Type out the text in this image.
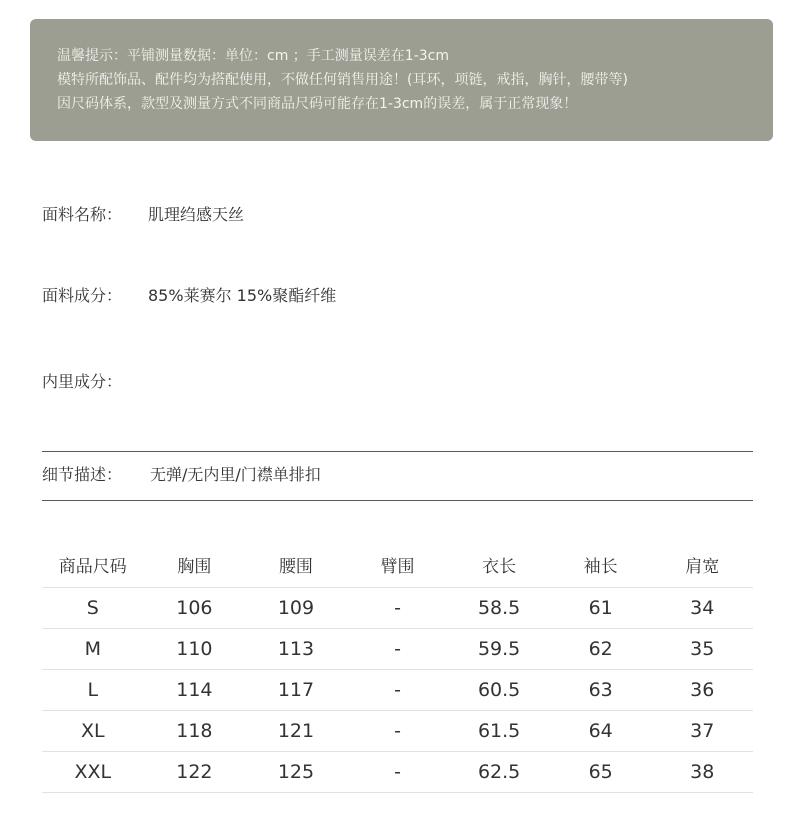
温馨提示：平铺测量数据：单位：cm ；手工测量误差在1-3cm
模特所配饰品、配件均为搭配使用，不做任何销售用途！(耳环，项链，戒指，胸针，腰带等)
因尺码体系，款型及测量方式不同商品尺码可能存在1-3cm的误差，属于正常现象！
面料名称： 肌理绉感天丝
面料成分： 85%莱赛尔 15%聚酯纤维
内里成分：
细节描述： 无弹/无内里/门襟单排扣
商品尺码	胸围	腰围	臂围	衣长	袖长	肩宽
S	106	109	-	58.5	61	34
M	110	113	-	59.5	62	35
L	114	117	-	60.5	63	36
XL	118	121	-	61.5	64	37
XXL	122	125	-	62.5	65	38
